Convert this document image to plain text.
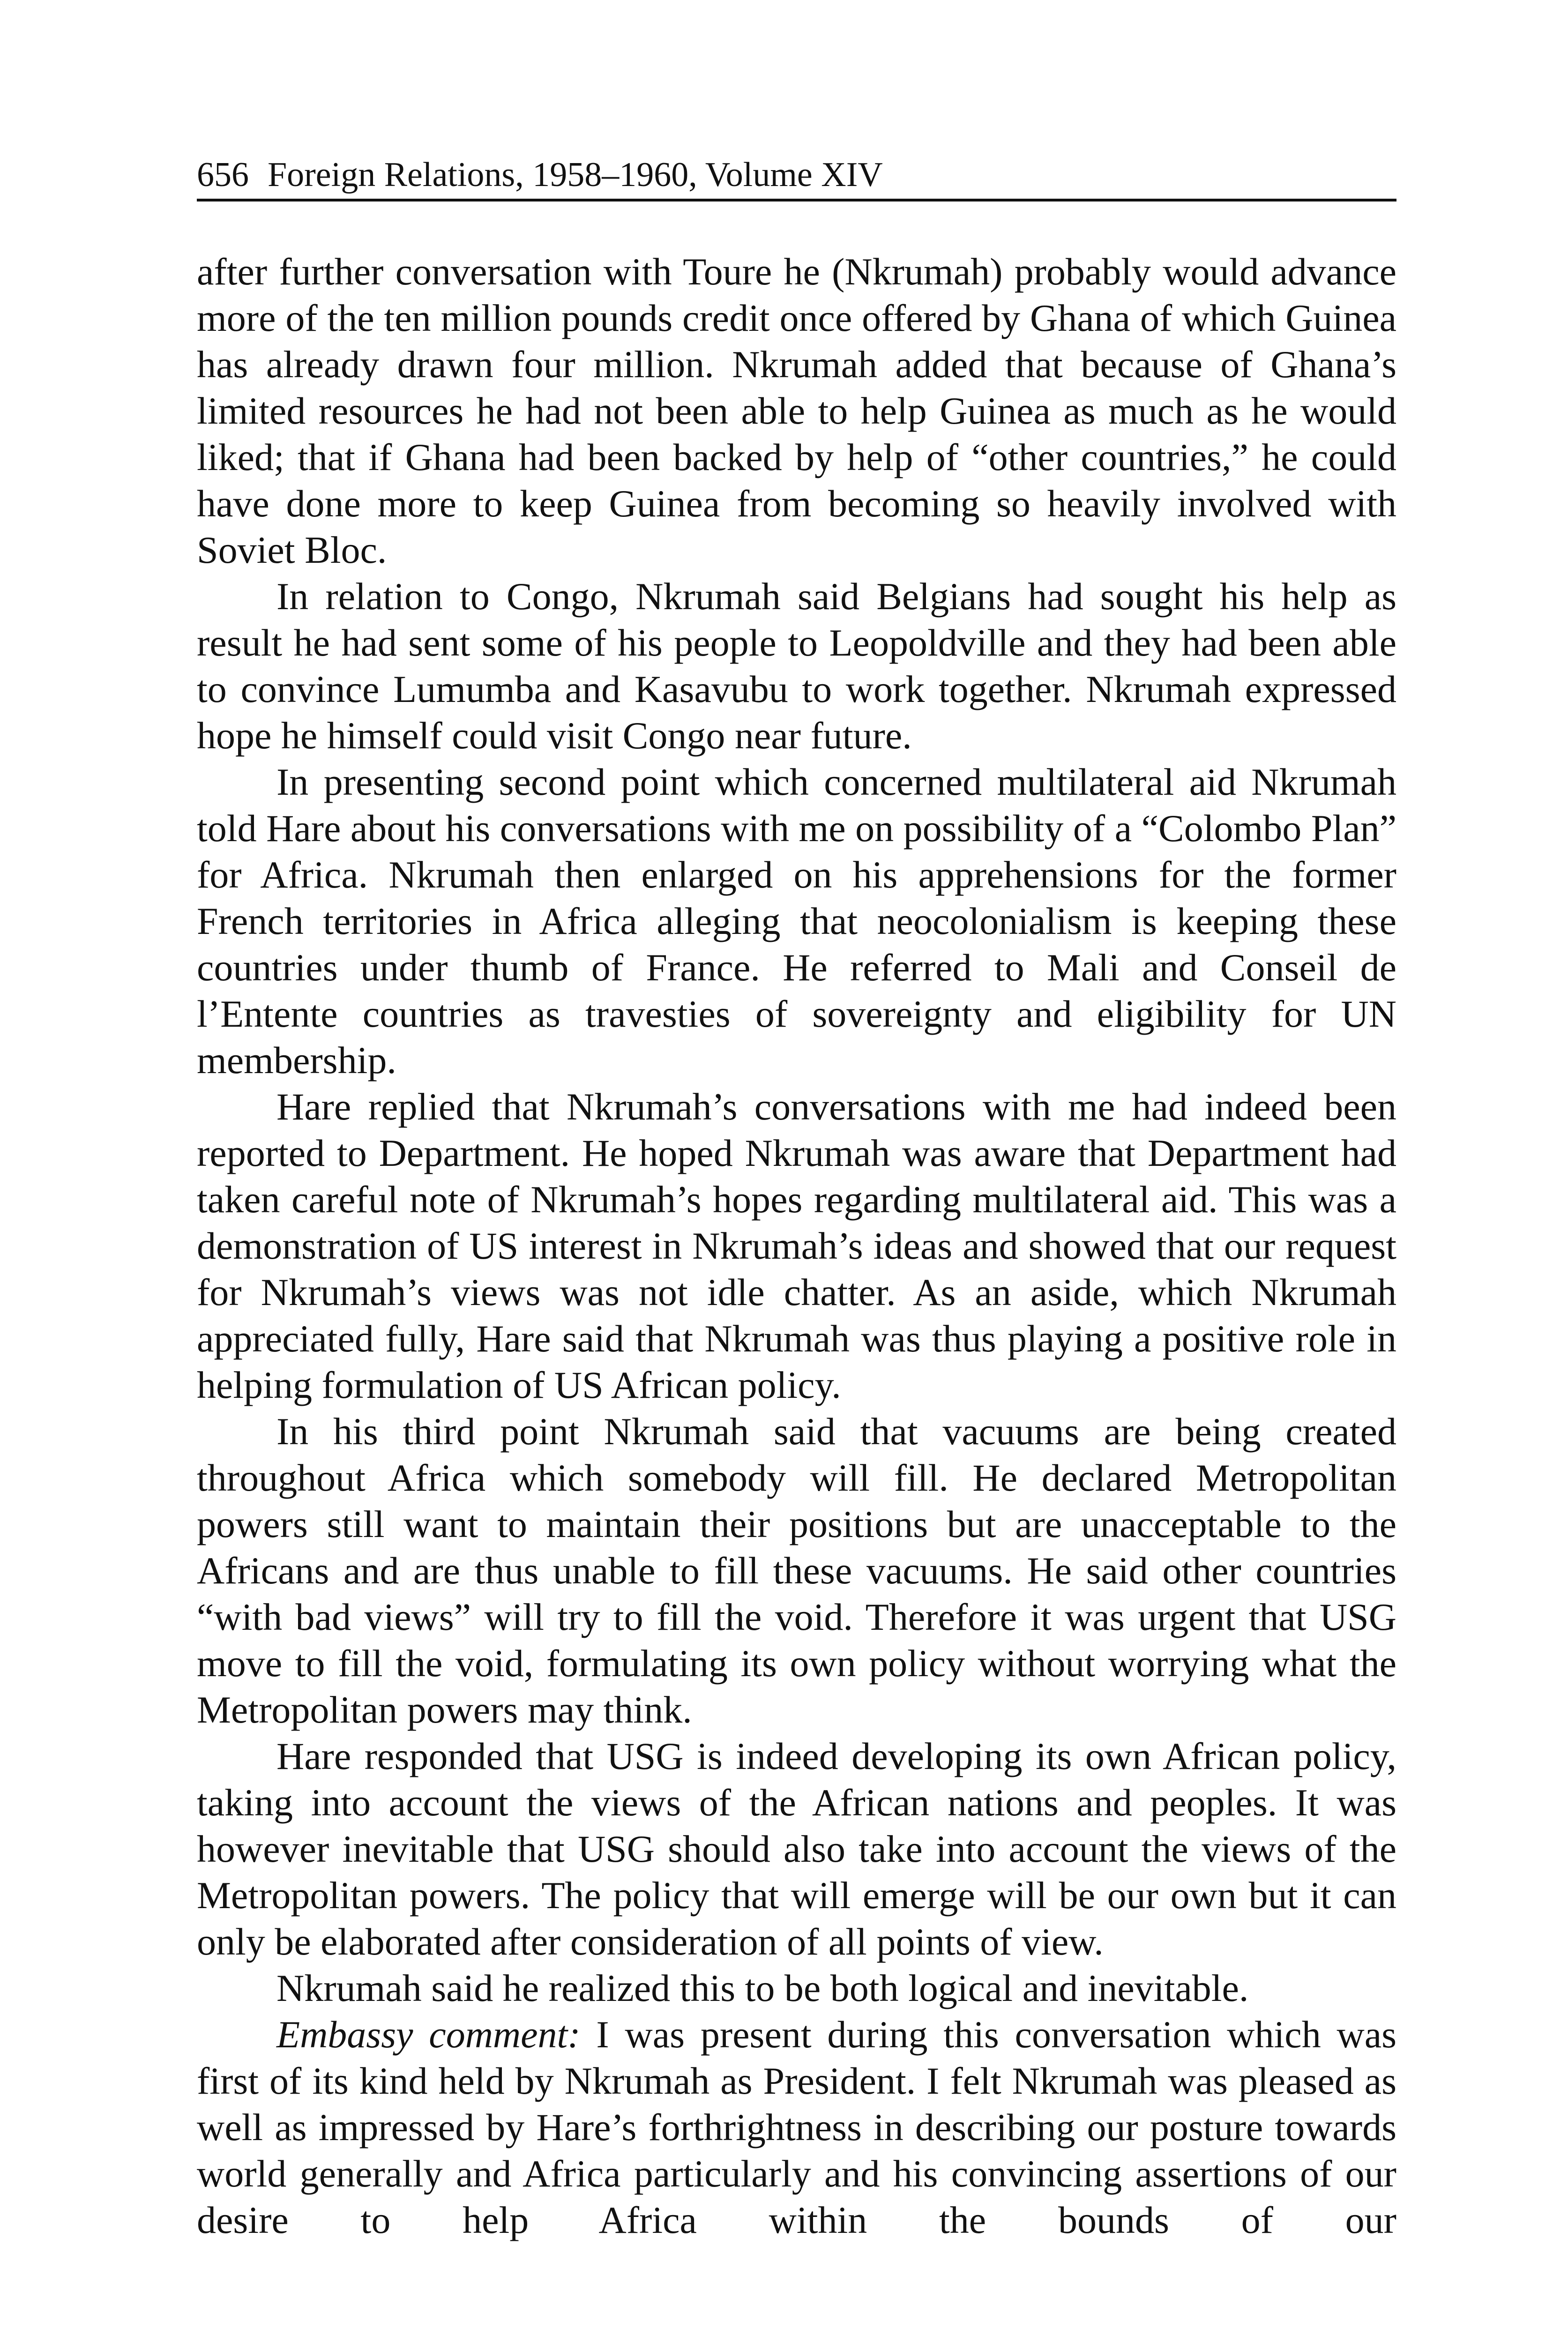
656 Foreign Relations, 1958–1960, Volume XIV

after further conversation with Toure he (Nkrumah) probably would advance more of the ten million pounds credit once offered by Ghana of which Guinea has already drawn four million. Nkrumah added that because of Ghana’s limited resources he had not been able to help Guinea as much as he would liked; that if Ghana had been backed by help of “other countries,” he could have done more to keep Guinea from becoming so heavily involved with Soviet Bloc.

In relation to Congo, Nkrumah said Belgians had sought his help as result he had sent some of his people to Leopoldville and they had been able to convince Lumumba and Kasavubu to work together. Nkrumah expressed hope he himself could visit Congo near future.

In presenting second point which concerned multilateral aid Nkrumah told Hare about his conversations with me on possibility of a “Colombo Plan” for Africa. Nkrumah then enlarged on his apprehensions for the former French territories in Africa alleging that neocolonialism is keeping these countries under thumb of France. He referred to Mali and Conseil de l’Entente countries as travesties of sovereignty and eligibility for UN membership.

Hare replied that Nkrumah’s conversations with me had indeed been reported to Department. He hoped Nkrumah was aware that Department had taken careful note of Nkrumah’s hopes regarding multilateral aid. This was a demonstration of US interest in Nkrumah’s ideas and showed that our request for Nkrumah’s views was not idle chatter. As an aside, which Nkrumah appreciated fully, Hare said that Nkrumah was thus playing a positive role in helping formulation of US African policy.

In his third point Nkrumah said that vacuums are being created throughout Africa which somebody will fill. He declared Metropolitan powers still want to maintain their positions but are unacceptable to the Africans and are thus unable to fill these vacuums. He said other countries “with bad views” will try to fill the void. Therefore it was urgent that USG move to fill the void, formulating its own policy without worrying what the Metropolitan powers may think.

Hare responded that USG is indeed developing its own African policy, taking into account the views of the African nations and peoples. It was however inevitable that USG should also take into account the views of the Metropolitan powers. The policy that will emerge will be our own but it can only be elaborated after consideration of all points of view.

Nkrumah said he realized this to be both logical and inevitable.

Embassy comment: I was present during this conversation which was first of its kind held by Nkrumah as President. I felt Nkrumah was pleased as well as impressed by Hare’s forthrightness in describing our posture towards world generally and Africa particularly and his convincing assertions of our desire to help Africa within the bounds of our
